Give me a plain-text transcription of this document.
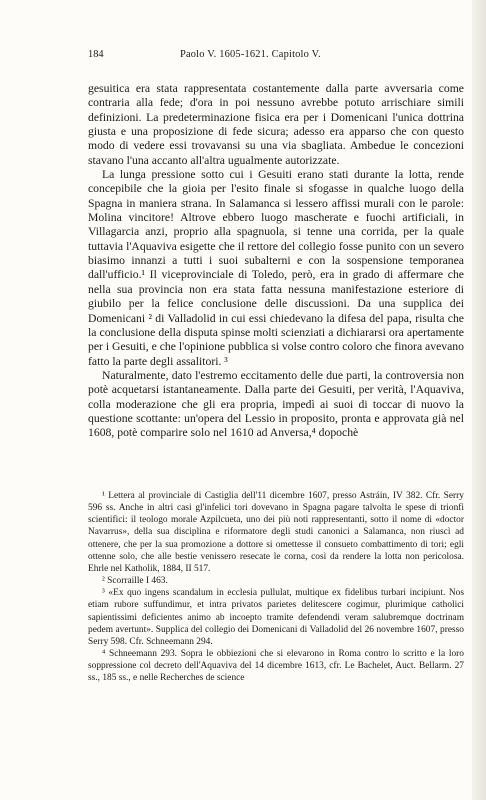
184	Paolo V. 1605-1621. Capitolo V.

gesuitica era stata rappresentata costantemente dalla parte avversaria come contraria alla fede; d'ora in poi nessuno avrebbe potuto arrischiare simili definizioni. La predeterminazione fisica era per i Domenicani l'unica dottrina giusta e una proposizione di fede sicura; adesso era apparso che con questo modo di vedere essi trovavansi su una via sbagliata. Ambedue le concezioni stavano l'una accanto all'altra ugualmente autorizzate.

La lunga pressione sotto cui i Gesuiti erano stati durante la lotta, rende concepibile che la gioia per l'esito finale si sfogasse in qualche luogo della Spagna in maniera strana. In Salamanca si lessero affissi murali con le parole: Molina vincitore! Altrove ebbero luogo mascherate e fuochi artificiali, in Villagarcia anzi, proprio alla spagnuola, si tenne una corrida, per la quale tuttavia l'Aquaviva esigette che il rettore del collegio fosse punito con un severo biasimo innanzi a tutti i suoi subalterni e con la sospensione temporanea dall'ufficio.¹ Il viceprovinciale di Toledo, però, era in grado di affermare che nella sua provincia non era stata fatta nessuna manifestazione esteriore di giubilo per la felice conclusione delle discussioni. Da una supplica dei Domenicani ² di Valladolid in cui essi chiedevano la difesa del papa, risulta che la conclusione della disputa spinse molti scienziati a dichiararsi ora apertamente per i Gesuiti, e che l'opinione pubblica si volse contro coloro che finora avevano fatto la parte degli assalitori. ³

Naturalmente, dato l'estremo eccitamento delle due parti, la controversia non potè acquetarsi istantaneamente. Dalla parte dei Gesuiti, per verità, l'Aquaviva, colla moderazione che gli era propria, impedì ai suoi di toccar di nuovo la questione scottante: un'opera del Lessio in proposito, pronta e approvata già nel 1608, potè comparire solo nel 1610 ad Anversa,⁴ dopochè

¹ Lettera al provinciale di Castiglia dell'11 dicembre 1607, presso Astráin, IV 382. Cfr. Serry 596 ss. Anche in altri casi gl'infelici tori dovevano in Spagna pagare talvolta le spese di trionfi scientifici: il teologo morale Azpilcueta, uno dei più noti rappresentanti, sotto il nome di «doctor Navarrus», della sua disciplina e riformatore degli studi canonici a Salamanca, non riuscì ad ottenere, che per la sua promozione a dottore si omettesse il consueto combattimento di tori; egli ottenne solo, che alle bestie venissero resecate le corna, così da rendere la lotta non pericolosa. Ehrle nel Katholik, 1884, II 517.

² Scorraille I 463.

³ «Ex quo ingens scandalum in ecclesia pullulat, multique ex fidelibus turbari incipiunt. Nos etiam rubore suffundimur, et intra privatos parietes delitescere cogimur, plurimique catholici sapientissimi deficientes animo ab incoepto tramite defendendi veram salubremque doctrinam pedem avertunt». Supplica del collegio dei Domenicani di Valladolid del 26 novembre 1607, presso Serry 598. Cfr. Schneemann 294.

⁴ Schneemann 293. Sopra le obbiezioni che si elevarono in Roma contro lo scritto e la loro soppressione col decreto dell'Aquaviva del 14 dicembre 1613, cfr. Le Bachelet, Auct. Bellarm. 27 ss., 185 ss., e nelle Recherches de science
